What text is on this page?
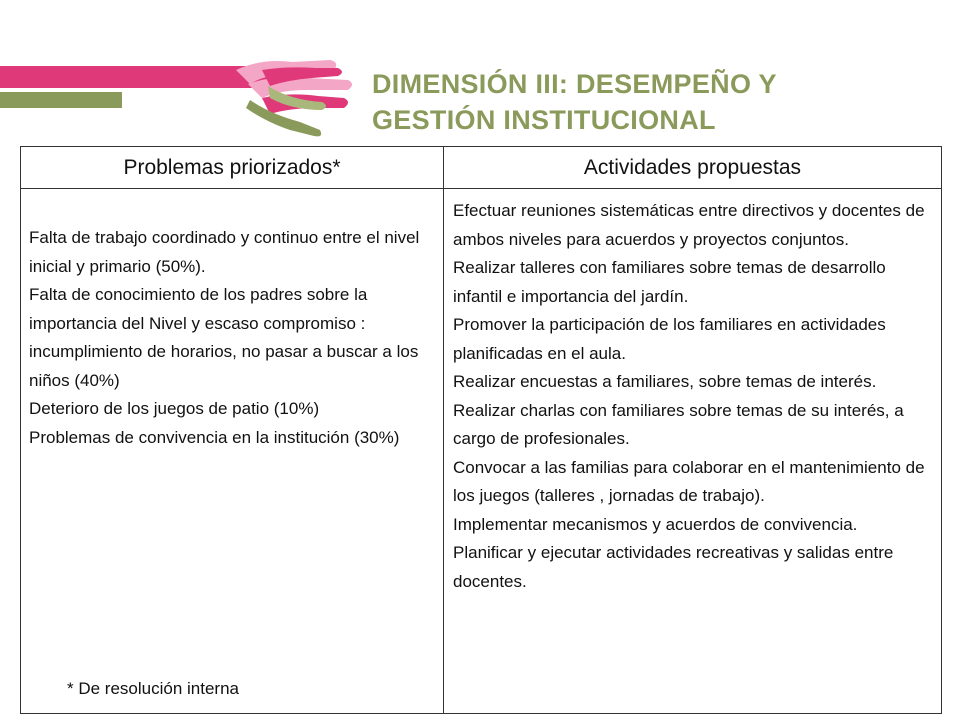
DIMENSIÓN III: DESEMPEÑO Y
GESTIÓN INSTITUCIONAL
Problemas priorizados*	Actividades propuestas
Falta de trabajo coordinado y continuo entre el nivel inicial y primario (50%).
Falta de conocimiento de los padres sobre la importancia del Nivel y escaso compromiso : incumplimiento de horarios, no pasar a buscar a los niños (40%)
Deterioro de los juegos de patio (10%)
Problemas de convivencia en la institución (30%)
* De resolución interna
Efectuar reuniones sistemáticas entre directivos y docentes de ambos niveles para acuerdos y proyectos conjuntos.
Realizar talleres con familiares sobre temas de desarrollo infantil e importancia del jardín.
Promover la participación de los familiares en actividades planificadas en el aula.
Realizar encuestas a familiares, sobre temas de interés.
Realizar charlas con familiares sobre temas de su interés, a cargo de profesionales.
Convocar a las familias para colaborar en el mantenimiento de los juegos (talleres , jornadas de trabajo).
Implementar mecanismos y acuerdos de convivencia.
Planificar y ejecutar actividades recreativas y salidas entre docentes.
